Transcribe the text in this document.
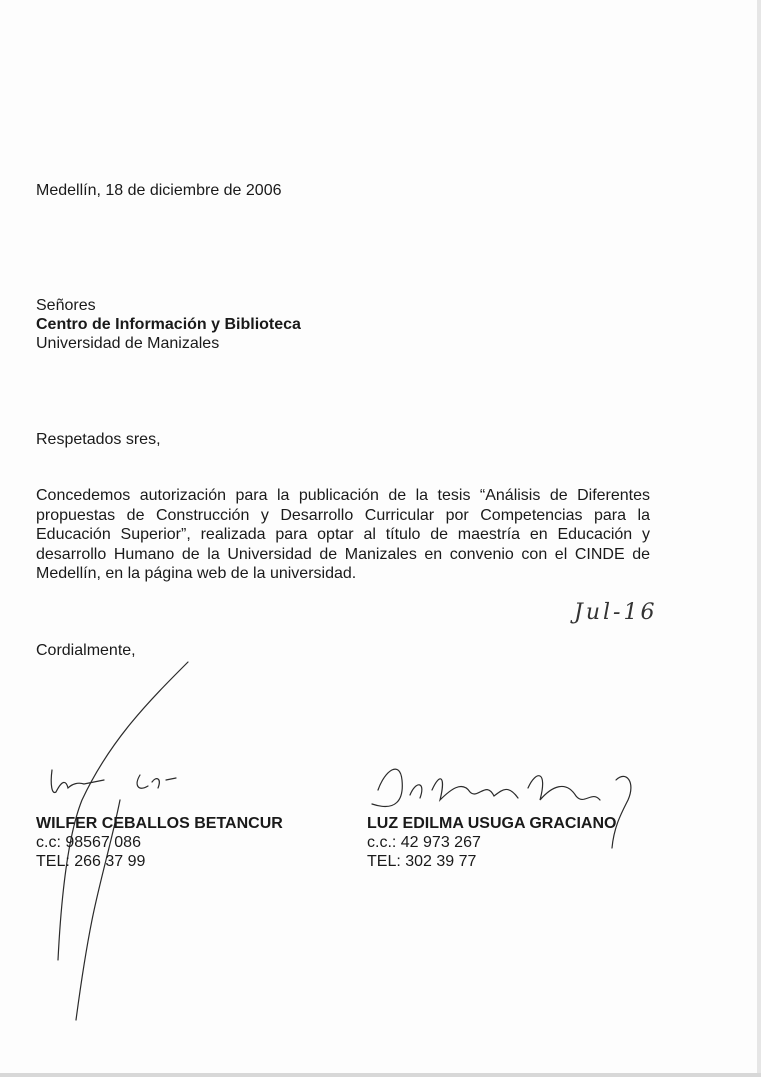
Medellín, 18 de diciembre de 2006
Señores
Centro de Información y Biblioteca
Universidad de Manizales
Respetados sres,
Concedemos autorización para la publicación de la tesis “Análisis de Diferentes propuestas de Construcción y Desarrollo Curricular por Competencias para la Educación Superior”, realizada para optar al título de maestría en Educación y desarrollo Humano de la Universidad de Manizales en convenio con el CINDE de Medellín, en la página web de la universidad.
Jul-16
Cordialmente,
WILFER CEBALLOS BETANCUR
c.c: 98567 086
TEL: 266 37 99
LUZ EDILMA USUGA GRACIANO
c.c.: 42 973 267
TEL: 302 39 77
